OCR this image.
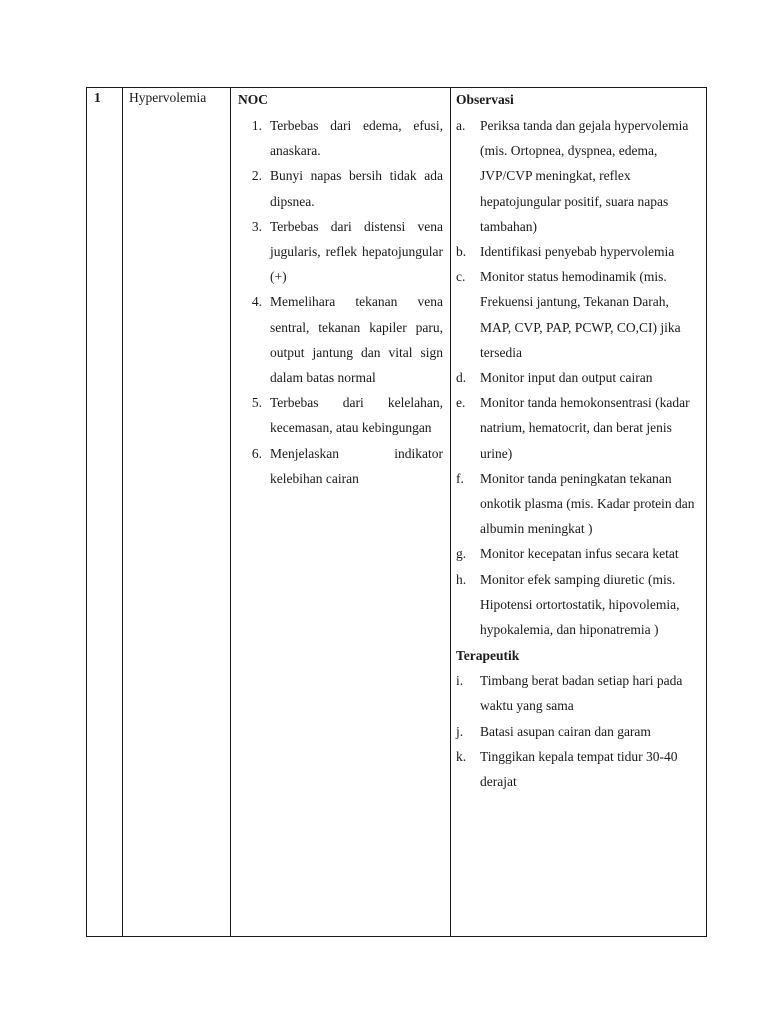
1	Hypervolemia	NOC
1. Terbebas dari edema, efusi, anaskara.
2. Bunyi napas bersih tidak ada dipsnea.
3. Terbebas dari distensi vena jugularis, reflek hepatojungular (+)
4. Memelihara tekanan vena sentral, tekanan kapiler paru, output jantung dan vital sign dalam batas normal
5. Terbebas dari kelelahan, kecemasan, atau kebingungan
6. Menjelaskan indikator kelebihan cairan

Observasi
a.	Periksa tanda dan gejala hypervolemia (mis. Ortopnea, dyspnea, edema, JVP/CVP meningkat, reflex hepatojungular positif, suara napas tambahan)
b.	Identifikasi penyebab hypervolemia
c.	Monitor status hemodinamik (mis. Frekuensi jantung, Tekanan Darah, MAP, CVP, PAP, PCWP, CO,CI) jika tersedia
d.	Monitor input dan output cairan
e.	Monitor tanda hemokonsentrasi (kadar natrium, hematocrit, dan berat jenis urine)
f.	Monitor tanda peningkatan tekanan onkotik plasma (mis. Kadar protein dan albumin meningkat )
g.	Monitor kecepatan infus secara ketat
h.	Monitor efek samping diuretic (mis. Hipotensi ortortostatik, hipovolemia, hypokalemia, dan hiponatremia )
Terapeutik
i.	Timbang berat badan setiap hari pada waktu yang sama
j.	Batasi asupan cairan dan garam
k.	Tinggikan kepala tempat tidur 30-40 derajat
